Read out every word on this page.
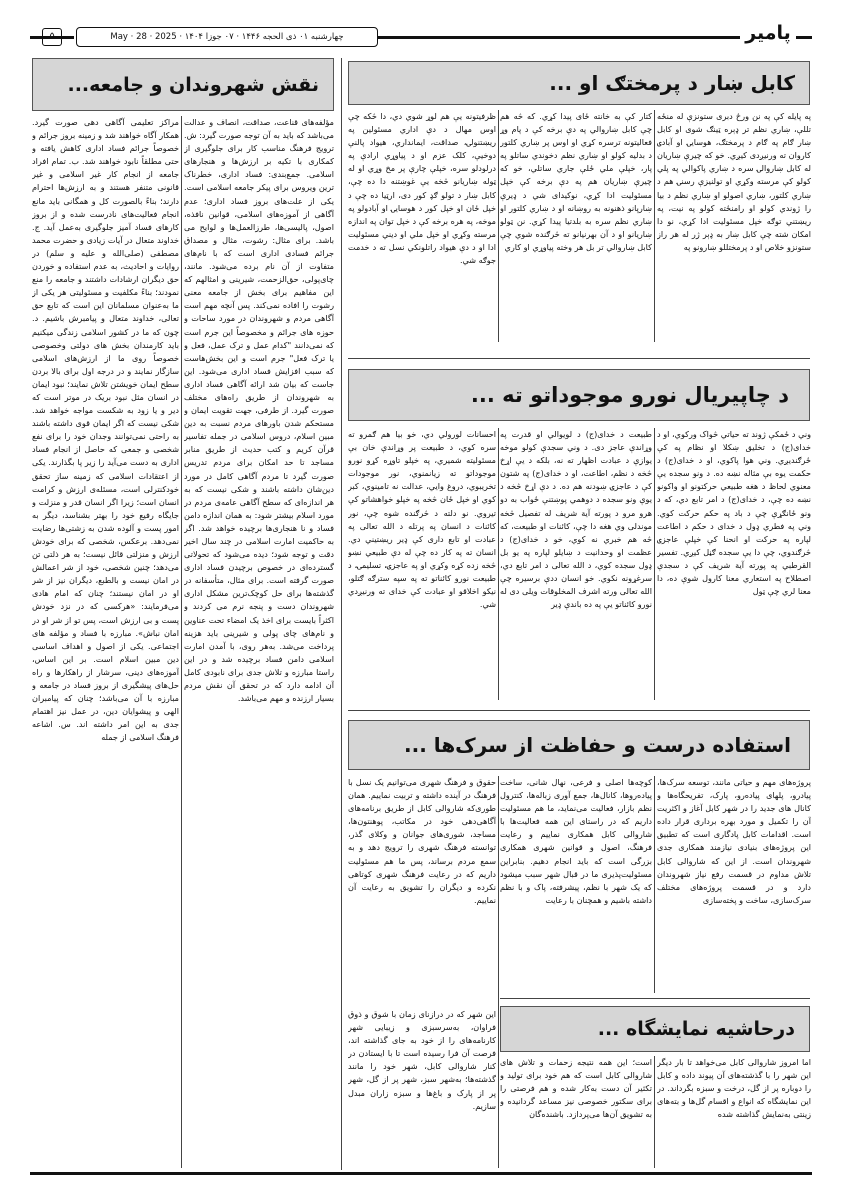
۵	چهارشنبه ۰۱ ذی الحجه ۱۴۴۶ · ۰۷ جوزا ۱۴۰۴ · May · 28 · 2025	پامیر
کابل ښار د پرمختګ او ...

په پایله کې په نن ورځ دبری ستونزې له منځه تللې، ښاري نظم تر ډېره ټینګ شوی او کابل ښار ګام په ګام د پرمختګ، هوسایۍ او آبادۍ کاروان ته ورنیږدی کیږي. خو که چیرې ښاریان له کابل ښاروالۍ سره د ښاري پاکوالي په پلي کولو کې مرسته وکړي او تولنیزې رسنۍ هم د ښاري کلتور، ښاري اصولو او ښاري نظم د بیا را ژوندي کولو او رامنځته کولو په نیت، په ریښتني توګه خپل مسئولیت ادا کړي، نو دا امکان شته چې کابل ښار به ډېر ژر له هر راز ستونزو خلاص او د پرمختللو ښارونو په

کتار کې به خانته ځای پیدا کړي. که څه هم چې کابل ښاروالي په دې برخه کې د پام وړ فعالیتونه ترسره کړي او اوس پر ښاري کلتور د بدلیه کولو او ښاري نظم دخوندي ساتلو په پار، خپلې ملي ځلې جاري ساتلي، خو که چیرې ښاریان هم په دې برخه کې خپل مسئولیت ادا کړي، نوکیدای شي د ډیرې ښارپانو ذهنونه به روښانه او د ښاري کلتور او ښاري نظم سره به بلدتیا پیدا کړي. نن ټولو ښاریانو او د آن بهرنیانو ته څرګنده شوي چې کابل ښاروالي تر بل هر وخته پیاوړي او کاري

ظرفیتونه یې هم لوړ شوي دي، دا څکه چې اوس مهال د دې اداري مسئولین په ریښتنولۍ، صداقت، ایمانداري، هیواد پالنې دوخیې، کلک عزم او د پیاوړي ارادې په درلودلو سره، خپلې چارې پر مخ وړي او له ټوله ښاریانو څخه یې غوښتنه دا ده چې، کابل ښار د تولو ګډ کور دی، ارټیا ده چې د خپل ځان او خپل کور د هوسایۍ او آبادولو په موخه، په هره برخه کې د خپل توان په اندازه مرسته وکړي او خپل ملي او دیني مسئولیت ادا او د دې هیواد راتلونکي نسل ته د خدمت جوګه شي.

د چاپیریال نورو موجوداتو ته ...

وني د ځمکې ژوند ته حیاتي څواک ورکوي، او د خدای(ج) د تخلیق ښکلا او نظام په کې ځرګندیږي. وني هوا پاکوي، او د خدای(ج) د حکمت یوه بې مثاله نښه ده. د ونو سجده یې معنوي لحاظ د هغه طبیعي حرکتونو او واکونو نښه ده چې، د خدای(ج) د امر تابع دي، که د ونو ځانګړې چې د باد په حکم حرکت کوي. وني په فطري ډول د خدای د حکم د اطاعت لپاره په حرکت او انحنا کې خپلې عاجزۍ څرګندوي، چې دا یې سجده ګڼل کیږي. تفسیر القرطبي په پورته آیة شریف کې د سجدې اصطلاح په استعاري معنا کارول شوې ده، دا معنا لري چې ټول

طبیعت د خدای(ج) د لویوالي او قدرت په وړاندې عاجز دی. د وني سجدې کولو موخه یوازې د عبادت اظهار ته نه، بلکه د یې اړخ څخه د نظم، اطاعت، او د خدای(ج) په شتون کې د عاجزۍ ښودنه هم ده. د دې اړخ څخه د یوې ونو سجده د دوهمي پوښتنې ځواب به دو هرو مرو د پورته آیة شریف له تفصیل څخه موندلی وي هغه دا چې، کائنات او طبیعت، که څه هم خبري نه کوي، خو د خدای(ج) د عظمت او وحدانیت د ښایلو لپاره په یو بل ډول سجده کوي، د الله تعالی د امر تابع دي، سرغړونه نکوي. خو انسان ددې برسیره چې الله تعالی ورته اشرف المخلوقات ویلی دی له نورو کائناتو یې په ده باندې ډیر

احسانات لورولي دي، خو بیا هم ګمرو ته سره کوي، د طبیعت پر وړاندې خان بې مسئولیته شمیري، په خپلو تاوړه کړو نورو موجوداتو ته زیانمنوي، نور موجودات تخریبوي، دروغ وایي، عدالت نه تامینوي، کبر کوي او خپل ځان څخه په خپلو خواهشاتو کې تیروي. نو دلته د څرګنده شوه چې، نور کائنات د انسان په پرتله د الله تعالی په عبادت او تابع داری کې ډیر ریښتیني دي. انسان ته په کار ده چې له دې طبیعي نښو څخه زده کړه وکړي او په عاجزۍ، تسلیمۍ، د طبیعت نورو کائناتو ته په سپه سترګه ګتلو، نیکو اخلاقو او عبادت کې خدای ته ورنیږدي شي.

استفاده درست و حفاظت از سرک‌ها ...

پروژه‌های مهم و حیاتی مانند، توسعه سرک‌ها، پیادرو، پلهای پیاده‌رو، پارک، تفریحگاه‌ها و کانال های جدید را در شهر کابل آغاز و اکثریت آن را تکمیل و مورد بهره برداری قرار داده است. اقدامات کابل پادگاری است که تطبیق این پروژه‌های بنیادی نیازمند همکاری جدی شهروندان است. از این که شاروالی کابل تلاش مداوم در قسمت رفع نیاز شهروندان دارد و در قسمت پروژه‌های مختلف سرک‌سازی، ساخت و پخته‌سازی

کوچه‌ها اصلی و فرعی، نهال شانی، ساخت پیاده‌روها، کانال‌ها، جمع آوری زباله‌ها، کنترول نظم بازار، فعالیت می‌نماید، ما هم مسئولیت داریم که در راستای این همه فعالیت‌ها با شاروالی کابل همکاری نماییم و رعایت فرهنگ، اصول و قوانین شهری همکاری بزرگی است که باید انجام دهیم. بنابراین مسئولیت‌پذیری ما در قبال شهر سبب میشود که یک شهر با نظم، پیشرفته، پاک و با نظم داشته باشیم و همچنان با رعایت

حقوق و فرهنگ شهری می‌توانیم یک نسل با فرهنگ در آینده داشته و تربیت نماییم. همان طوری‌که شاروالی کابل از طریق برنامه‌های آگاهی‌دهی خود در مکاتب، پوهنتون‌ها، مساجد، شوری‌های جوانان و وکلای گذر، توانسته فرهنگ شهری را ترویج دهد و به سمع مردم برساند، پس ما هم مسئولیت داریم که در رعایت فرهنگ شهری کوتاهی نکرده و دیگران را تشویق به رعایت آن نماییم.

درحاشیه نمایشگاه ...

اما امروز شاروالی کابل می‌خواهد تا بار دیگر این شهر را با گذشته‌های آن پیوند داده و کابل را دوباره پر از گل، درخت و سبزه بگرداند. در این نمایشگاه که انواع و اقسام گل‌ها و بته‌های زینتی به‌نمایش گذاشته شده

است؛ این همه نتیجه زحمات و تلاش های شاروالی کابل است که هم خود برای تولید و تکثیر آن دست به‌کار شده و هم فرصتی را برای سکتور خصوصی نیز مساعد گردانیده و به تشویق آن‌ها می‌پردازد. باشنده‌گان

این شهر که در درازنای زمان با شوق و ذوق فراوان، به‌سرسبزی و زیبایی شهر کارنامه‌های را از خود به جای گذاشته اند، فرصت آن فرا رسیده است تا با ایستادن در کنار شاروالی کابل، شهر خود را مانند گذشته‌ها؛ به‌شهر سبز، شهر پر از گل، شهر پر از پارک و باغ‌ها و سبزه زاران مبدل سازیم.

نقش شهروندان و جامعه...

مؤلفه‌های قناعت، صداقت، انصاف و عدالت می‌باشد که باید به آن توجه صورت گیرد: ش. ترویج فرهنگ مناسب کار برای جلوگیری از کمکاری با تکیه بر ارزش‌ها و هنجارهای اسلامی. جمع‌بندی: فساد اداری، خطرناک ترین ویروس برای پیکر جامعه اسلامی است. یکی از علت‌های بروز فساد اداری؛ عدم آگاهی از آموزه‌های اسلامی، قوانین نافذه، اصول، پالیسی‌ها، طرزالعمل‌ها و لوایح می باشد. برای مثال: رشوت، مثال و مصداق جرائم فسادی اداری است که با نام‌های متفاوت از آن نام برده می‌شود. مانند، چای‌پولی، حق‌الزحمت، شیرینی و امثالهم که این مفاهیم برای بخش از جامعه معنی رشوت را افاده نمی‌کند. پس آنچه مهم است آگاهی مردم و شهروندان در مورد ساحات و حوزه های جرائم و مخصوصاً این جرم است که نمی‌دانند "کدام عمل و ترک عمل، فعل و یا ترک فعل" جرم است و این بخش‌هاست که سبب افزایش فساد اداری می‌شود. این جاست که بیان شد ارائه آگاهی فساد اداری به شهروندان از طریق راه‌های مختلف صورت گیرد. از طرفی، جهت تقویت ایمان و مستحکم شدن باورهای مردم نسبت به دین مبین اسلام، دروس اسلامی در جمله تفاسیر قرآن کریم و کتب حدیث از طریق منابر مساجد تا حد امکان برای مردم تدریس صورت گیرد تا مردم آگاهی کامل در مورد دین‌شان داشته باشند و شکی نیست که به هر اندازه‌ای که سطح آگاهی عامه‌ی مردم در مورد اسلام بیشتر شود: به همان اندازه دامن فساد و نا هنجاری‌ها برچیده خواهد شد. اگر به حاکمیت امارت اسلامی در چند سال اخیر دقت و توجه شود؛ دیده می‌شود که تحولاتی گسترده‌ای در خصوص برچیدن فساد اداری صورت گرفته است. برای مثال، متأسفانه در گذشته‌ها برای حل کوچک‌ترین مشکل اداری شهروندان دست و پنجه نرم می کردند و اکثراً بایست برای اخذ یک امضاء تحت عناوین و نام‌های چای پولی و شیرینی باید هزینه پرداخت می‌شد. به‌هر روی، با آمدن امارت اسلامی دامن فساد برچیده شد و در این راستا مبارزه و تلاش جدی برای نابودی کامل آن ادامه دارد که در تحقق آن نقش مردم بسیار ارزنده و مهم می‌باشد.

مراکز تعلیمی آگاهی دهی صورت گیرد. همکار آگاه خواهند شد و زمینه بروز جرائم و خصوصاً جرائم فساد اداری کاهش یافته و حتی مطلقاً نابود خواهند شد. ب. تمام افراد جامعه از انجام کار غیر اسلامی و غیر قانونی متنفر هستند و به ارزش‌ها احترام دارند؛ بناءً بالصورت کل و همگانی باید مانع انجام فعالیت‌های نادرست شده و از بروز کارهای فساد آمیز جلوگیری به‌عمل آید. ج. خداوند متعال در آیات زیادی و حضرت محمد مصطفی (صلی‌الله و علیه و سلم) در روایات و احادیث، به عدم استفاده و خوردن حق دیگران ارشادات داشتند و جامعه را منع نمودند؛ بناءً مکلفیت و مسئولیتی هر یکی از ما به‌عنوان مسلمانان این است که تابع حق تعالی، خداوند متعال و پیامبرش باشیم. د. چون که ما در کشور اسلامی زندگی میکنیم باید کارمندان بخش های دولتی وخصوصی خصوصاً روی ما از ارزش‌های اسلامی سازگار نمایند و در درجه اول برای بالا بردن سطح ایمان خویشتن تلاش نمایند؛ نبود ایمان در انسان مثل نبود بریک در موتر است که دیر و یا زود به شکست مواجه خواهد شد. شکی نیست که اگر ایمان قوی داشته باشند به راحتی نمی‌توانند وجدان خود را برای نفع شخصی و جمعی که حاصل از انجام فساد اداری به دست می‌آید را زیر پا بگذارند. یکی از اعتقادات اسلامی که زمینه ساز تحقق خودکنترلی است، مسئله‌ی ارزش و کرامت انسان است؛ زیرا اگر انسان قدر و منزلت و جایگاه رفیع خود را بهتر بشناسد، دیگر به امور پست و آلوده شدن به زشتی‌ها رضایت نمی‌دهد. برعکس، شخصی که برای خودش ارزش و منزلتی قائل نیست؛ به هر ذلتی تن می‌دهد؛ چنین شخصی، خود از شر اعمالش در امان نیست و بالطبع، دیگران نیز از شر او در امان نیستند؛ چنان که امام هادی می‌فرمایند: «هرکسی که در نزد خودش پست و بی ارزش است، پس تو از شر او در امان نباش». مبارزه با فساد و مؤلفه های اجتماعی. یکی از اصول و اهداف اساسی دین مبین اسلام است. بر این اساس، آموزه‌های دینی، سرشار از راهکارها و راه حل‌های پیشگیری از بروز فساد در جامعه و مبارزه با آن می‌باشد؛ چنان که پیامبران الهی و پیشوایان دین، در عمل نیز اهتمام جدی به این امر داشته اند. س. اشاعه فرهنگ اسلامی از جمله
